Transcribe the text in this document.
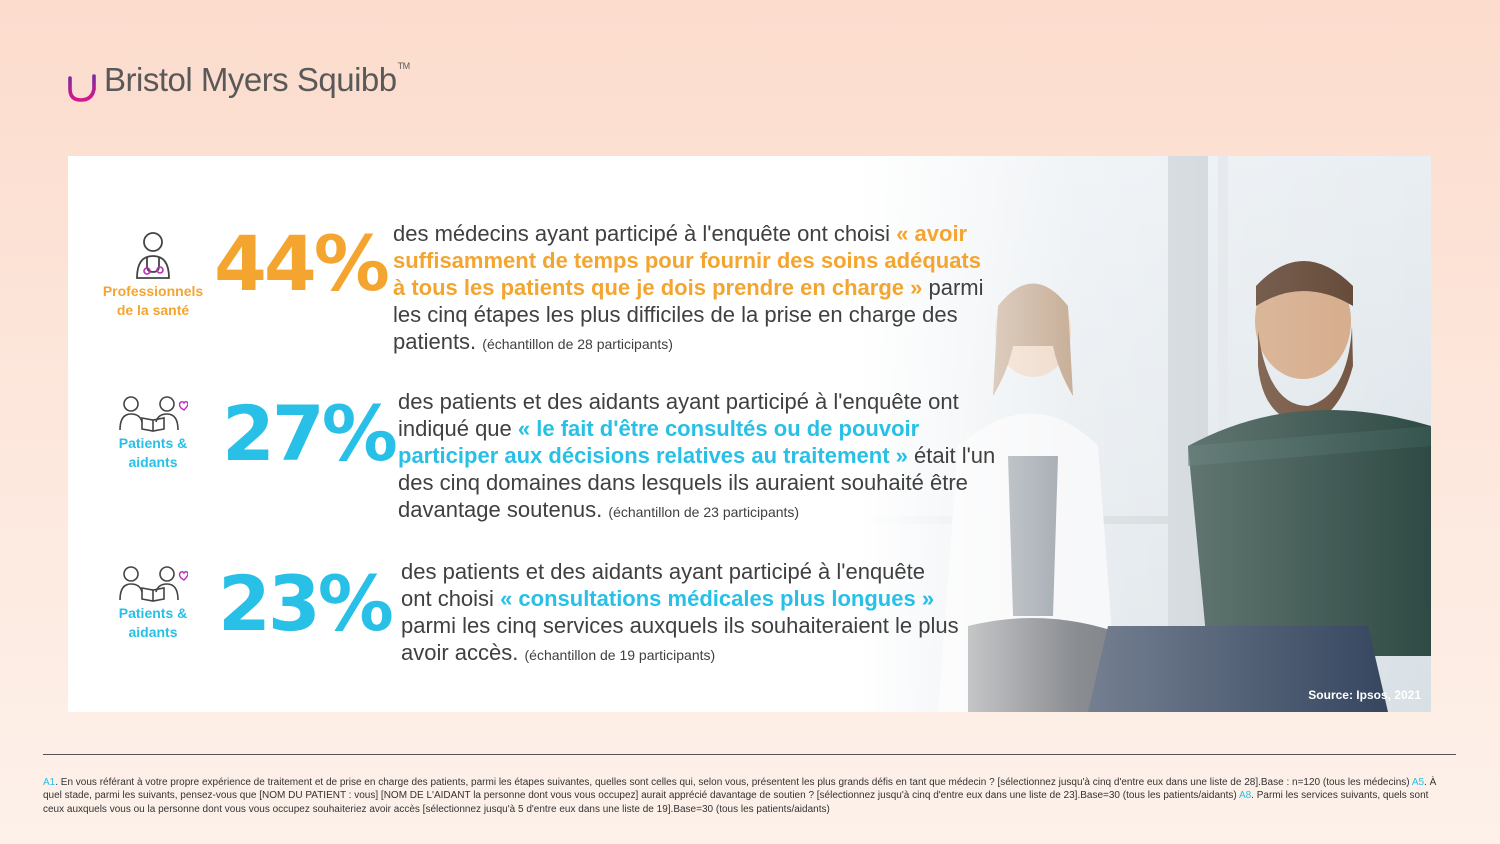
Bristol Myers Squibb™
Professionnels
de la santé
44% des médecins ayant participé à l'enquête ont choisi « avoir suffisamment de temps pour fournir des soins adéquats à tous les patients que je dois prendre en charge » parmi les cinq étapes les plus difficiles de la prise en charge des patients. (échantillon de 28 participants)
Patients &
aidants 27% des patients et des aidants ayant participé à l'enquête ont indiqué que « le fait d'être consultés ou de pouvoir participer aux décisions relatives au traitement » était l'un des cinq domaines dans lesquels ils auraient souhaité être davantage soutenus. (échantillon de 23 participants)
Patients &
aidants 23% des patients et des aidants ayant participé à l'enquête ont choisi « consultations médicales plus longues » parmi les cinq services auxquels ils souhaiteraient le plus avoir accès. (échantillon de 19 participants)
Source: Ipsos, 2021
A1. En vous référant à votre propre expérience de traitement et de prise en charge des patients, parmi les étapes suivantes, quelles sont celles qui, selon vous, présentent les plus grands défis en tant que médecin ? [sélectionnez jusqu'à cinq d'entre eux dans une liste de 28].Base : n=120 (tous les médecins) A5. À quel stade, parmi les suivants, pensez-vous que [NOM DU PATIENT : vous] [NOM DE L'AIDANT la personne dont vous vous occupez] aurait apprécié davantage de soutien ? [sélectionnez jusqu'à cinq d'entre eux dans une liste de 23].Base=30 (tous les patients/aidants) A8. Parmi les services suivants, quels sont ceux auxquels vous ou la personne dont vous vous occupez souhaiteriez avoir accès [sélectionnez jusqu'à 5 d'entre eux dans une liste de 19].Base=30 (tous les patients/aidants)
